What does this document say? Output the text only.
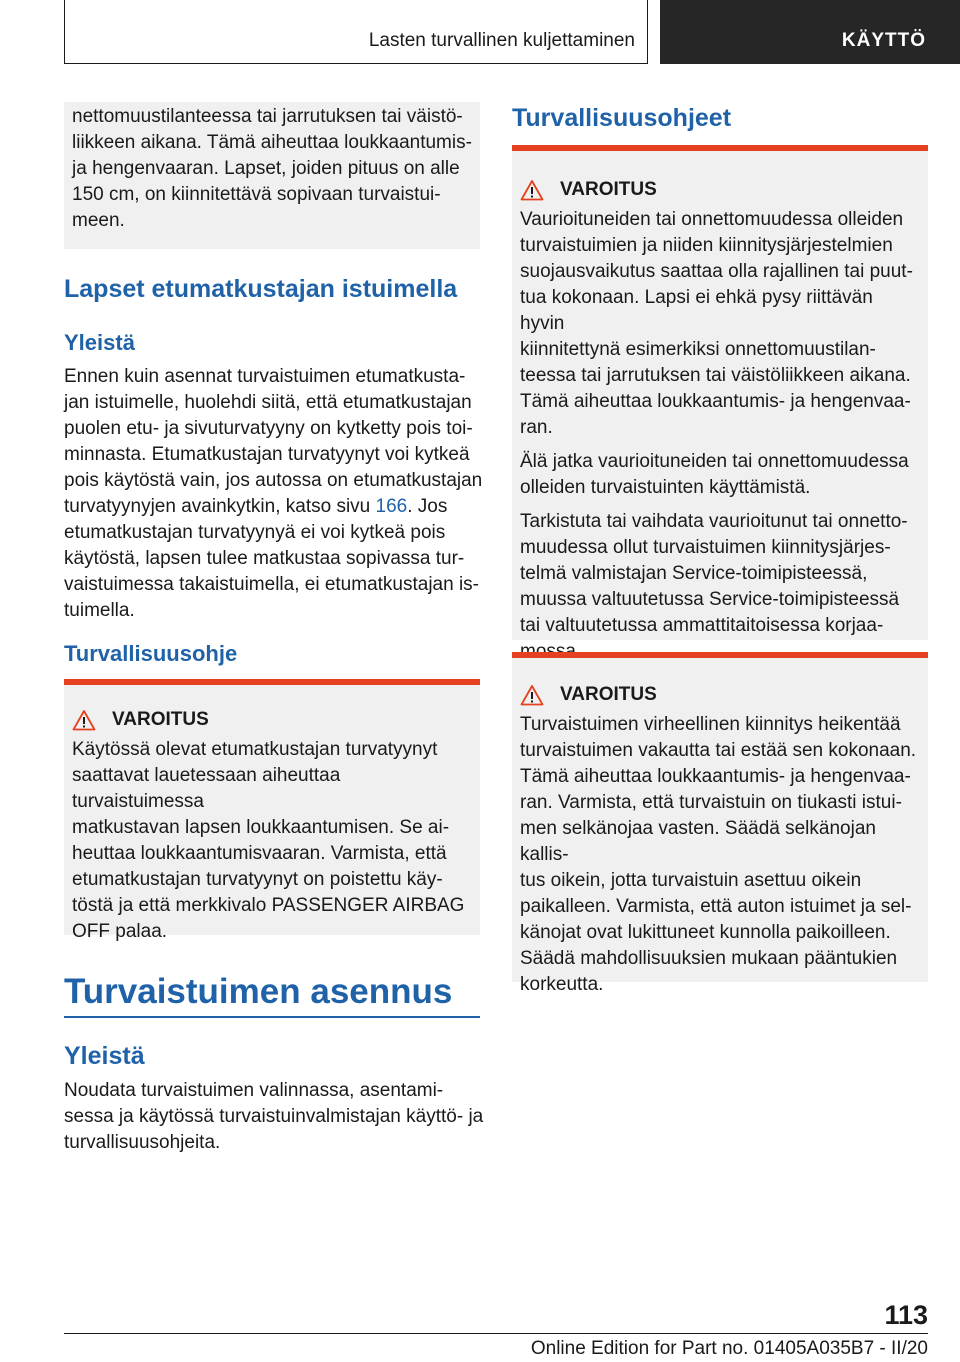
Lasten turvallinen kuljettaminen	KÄYTTÖ

nettomuustilanteessa tai jarrutuksen tai väistö-

liikkeen aikana. Tämä aiheuttaa loukkaantumis-

ja hengenvaaran. Lapset, joiden pituus on alle

150 cm, on kiinnitettävä sopivaan turvaistui-

meen.

Lapset etumatkustajan istuimella
Yleistä

Ennen kuin asennat turvaistuimen etumatkusta-

jan istuimelle, huolehdi siitä, että etumatkustajan

puolen etu- ja sivuturvatyyny on kytketty pois toi-

minnasta. Etumatkustajan turvatyynyt voi kytkeä

pois käytöstä vain, jos autossa on etumatkustajan

turvatyynyjen avainkytkin, katso sivu 166. Jos

etumatkustajan turvatyynyä ei voi kytkeä pois

käytöstä, lapsen tulee matkustaa sopivassa tur-

vaistuimessa takaistuimella, ei etumatkustajan is-

tuimella.

Turvallisuusohje
VAROITUS

Käytössä olevat etumatkustajan turvatyynyt

saattavat lauetessaan aiheuttaa turvaistuimessa

matkustavan lapsen loukkaantumisen. Se ai-

heuttaa loukkaantumisvaaran. Varmista, että

etumatkustajan turvatyynyt on poistettu käy-

töstä ja että merkkivalo PASSENGER AIRBAG

OFF palaa.

Turvaistuimen asennus
Yleistä

Noudata turvaistuimen valinnassa, asentami-

sessa ja käytössä turvaistuinvalmistajan käyttö- ja

turvallisuusohjeita.

Turvallisuusohjeet
VAROITUS

Vaurioituneiden tai onnettomuudessa olleiden

turvaistuimien ja niiden kiinnitysjärjestelmien

suojausvaikutus saattaa olla rajallinen tai puut-

tua kokonaan. Lapsi ei ehkä pysy riittävän hyvin

kiinnitettynä esimerkiksi onnettomuustilan-

teessa tai jarrutuksen tai väistöliikkeen aikana.

Tämä aiheuttaa loukkaantumis- ja hengenvaa-

ran.

Älä jatka vaurioituneiden tai onnettomuudessa

olleiden turvaistuinten käyttämistä.

Tarkistuta tai vaihdata vaurioitunut tai onnetto-

muudessa ollut turvaistuimen kiinnitysjärjes-

telmä valmistajan Service-toimipisteessä,

muussa valtuutetussa Service-toimipisteessä

tai valtuutetussa ammattitaitoisessa korjaa-

VAROITUS

Turvaistuimen virheellinen kiinnitys heikentää

turvaistuimen vakautta tai estää sen kokonaan.

Tämä aiheuttaa loukkaantumis- ja hengenvaa-

ran. Varmista, että turvaistuin on tiukasti istui-

men selkänojaa vasten. Säädä selkänojan kallis-

tus oikein, jotta turvaistuin asettuu oikein

paikalleen. Varmista, että auton istuimet ja sel-

känojat ovat lukittuneet kunnolla paikoilleen.

Säädä mahdollisuuksien mukaan pääntukien

korkeutta.

113
Online Edition for Part no. 01405A035B7 - II/20
